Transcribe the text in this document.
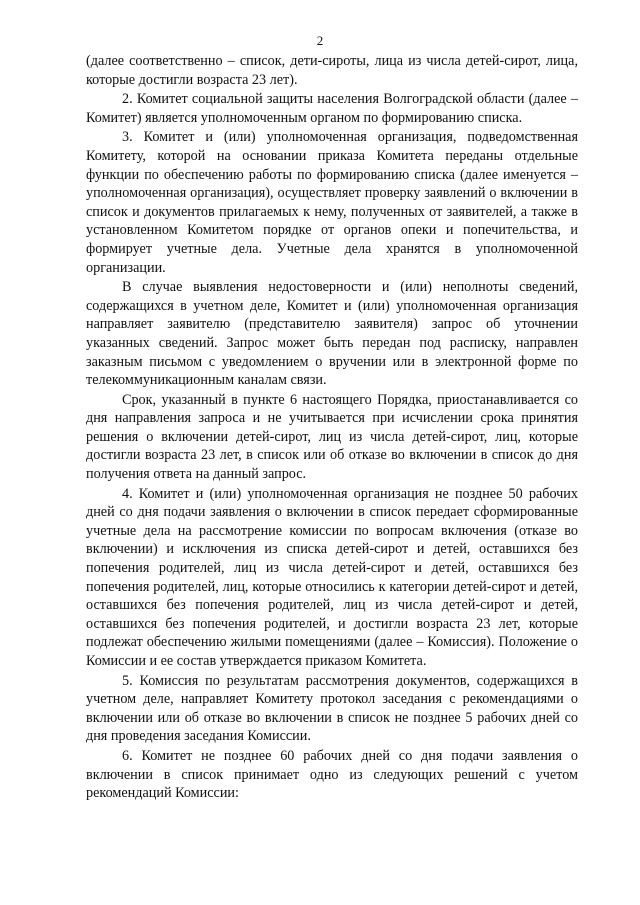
2

(далее соответственно – список, дети-сироты, лица из числа детей-сирот, лица, которые достигли возраста 23 лет).

2. Комитет социальной защиты населения Волгоградской области (далее – Комитет) является уполномоченным органом по формированию списка.

3. Комитет и (или) уполномоченная организация, подведомственная Комитету, которой на основании приказа Комитета переданы отдельные функции по обеспечению работы по формированию списка (далее именуется – уполномоченная организация), осуществляет проверку заявлений о включении в список и документов прилагаемых к нему, полученных от заявителей, а также в установленном Комитетом порядке от органов опеки и попечительства, и формирует учетные дела. Учетные дела хранятся в уполномоченной организации.

В случае выявления недостоверности и (или) неполноты сведений, содержащихся в учетном деле, Комитет и (или) уполномоченная организация направляет заявителю (представителю заявителя) запрос об уточнении указанных сведений. Запрос может быть передан под расписку, направлен заказным письмом с уведомлением о вручении или в электронной форме по телекоммуникационным каналам связи.

Срок, указанный в пункте 6 настоящего Порядка, приостанавливается со дня направления запроса и не учитывается при исчислении срока принятия решения о включении детей-сирот, лиц из числа детей-сирот, лиц, которые достигли возраста 23 лет, в список или об отказе во включении в список до дня получения ответа на данный запрос.

4. Комитет и (или) уполномоченная организация не позднее 50 рабочих дней со дня подачи заявления о включении в список передает сформированные учетные дела на рассмотрение комиссии по вопросам включения (отказе во включении) и исключения из списка детей-сирот и детей, оставшихся без попечения родителей, лиц из числа детей-сирот и детей, оставшихся без попечения родителей, лиц, которые относились к категории детей-сирот и детей, оставшихся без попечения родителей, лиц из числа детей-сирот и детей, оставшихся без попечения родителей, и достигли возраста 23 лет, которые подлежат обеспечению жилыми помещениями (далее – Комиссия). Положение о Комиссии и ее состав утверждается приказом Комитета.

5. Комиссия по результатам рассмотрения документов, содержащихся в учетном деле, направляет Комитету протокол заседания с рекомендациями о включении или об отказе во включении в список не позднее 5 рабочих дней со дня проведения заседания Комиссии.

6. Комитет не позднее 60 рабочих дней со дня подачи заявления о включении в список принимает одно из следующих решений с учетом рекомендаций Комиссии:
